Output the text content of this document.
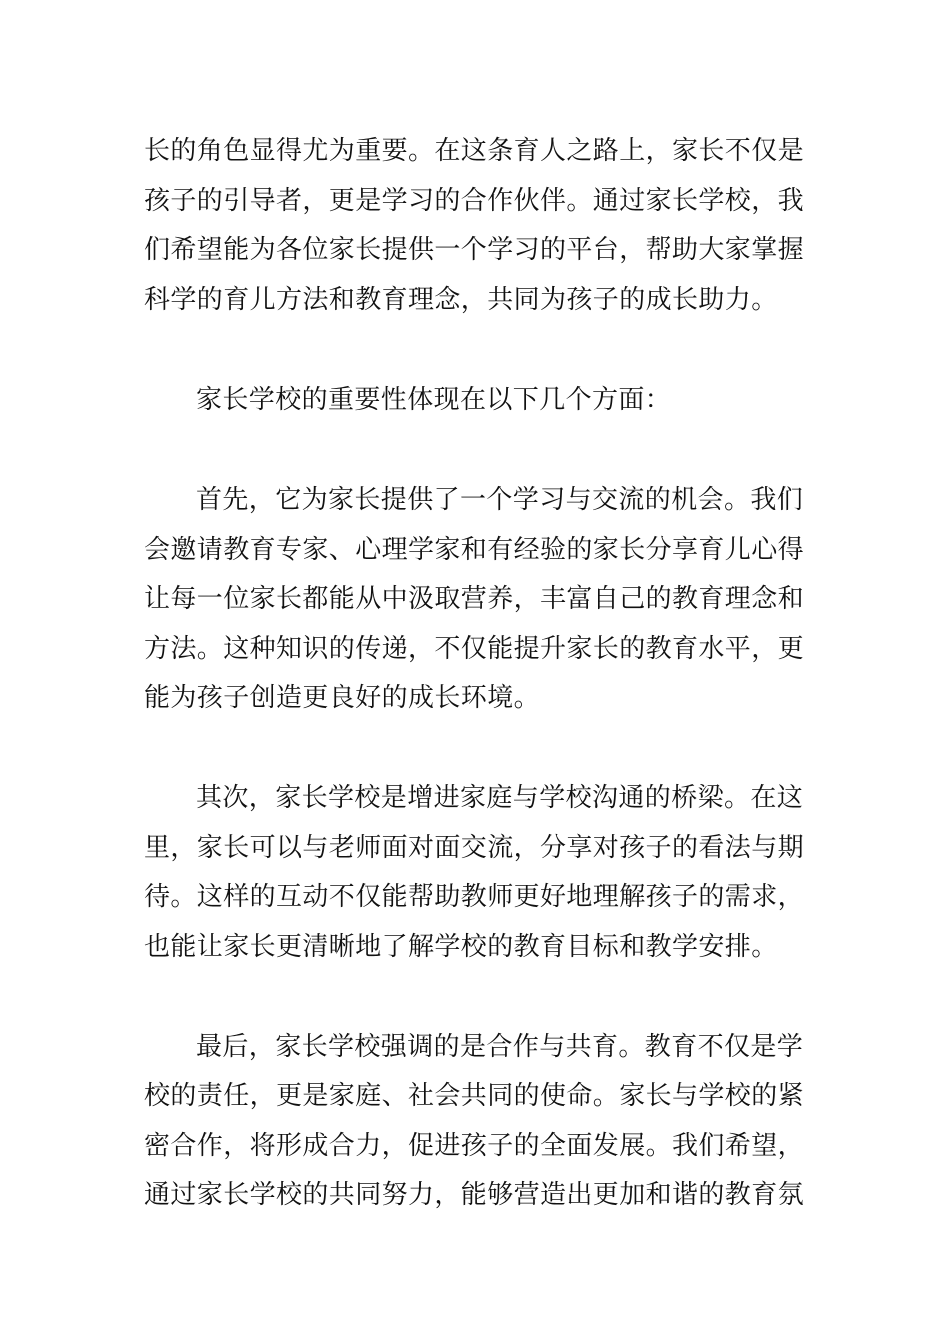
长的角色显得尤为重要。在这条育人之路上，家长不仅是
孩子的引导者，更是学习的合作伙伴。通过家长学校，我
们希望能为各位家长提供一个学习的平台，帮助大家掌握
科学的育儿方法和教育理念，共同为孩子的成长助力。
家长学校的重要性体现在以下几个方面：
首先，它为家长提供了一个学习与交流的机会。我们
会邀请教育专家、心理学家和有经验的家长分享育儿心得
让每一位家长都能从中汲取营养，丰富自己的教育理念和
方法。这种知识的传递，不仅能提升家长的教育水平，更
能为孩子创造更良好的成长环境。
其次，家长学校是增进家庭与学校沟通的桥梁。在这
里，家长可以与老师面对面交流，分享对孩子的看法与期
待。这样的互动不仅能帮助教师更好地理解孩子的需求，
也能让家长更清晰地了解学校的教育目标和教学安排。
最后，家长学校强调的是合作与共育。教育不仅是学
校的责任，更是家庭、社会共同的使命。家长与学校的紧
密合作，将形成合力，促进孩子的全面发展。我们希望，
通过家长学校的共同努力，能够营造出更加和谐的教育氛
